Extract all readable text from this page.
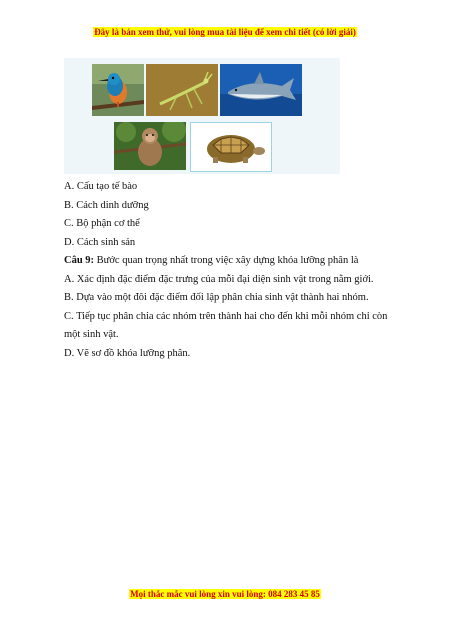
Đây là bản xem thử, vui lòng mua tài liệu để xem chi tiết (có lời giải)
A. Cấu tạo tế bào
B. Cách dinh dưỡng
C. Bộ phận cơ thể
D. Cách sinh sản
Câu 9: Bước quan trọng nhất trong việc xây dựng khóa lưỡng phân là
A. Xác định đặc điểm đặc trưng của mỗi đại diện sinh vật trong nằm giới.
B. Dựa vào một đôi đặc điểm đối lập phân chia sinh vật thành hai nhóm.
C. Tiếp tục phân chia các nhóm trên thành hai cho đến khi mỗi nhóm chỉ còn một sinh vật.
D. Vẽ sơ đồ khóa lưỡng phân.
Mọi thắc mắc vui lòng xin vui lòng: 084 283 45 85
